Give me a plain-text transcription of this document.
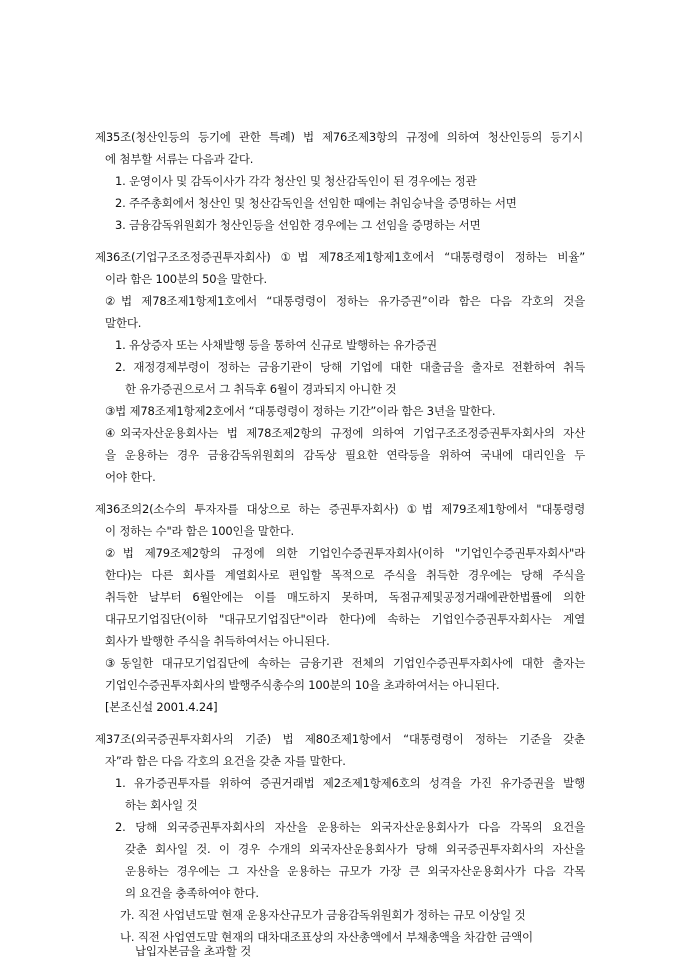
제35조(청산인등의 등기에 관한 특례) 법 제76조제3항의 규정에 의하여 청산인등의 등기시
에 첨부할 서류는 다음과 같다.
1. 운영이사 및 감독이사가 각각 청산인 및 청산감독인이 된 경우에는 정관
2. 주주총회에서 청산인 및 청산감독인을 선임한 때에는 취임승낙을 증명하는 서면
3. 금융감독위원회가 청산인등을 선임한 경우에는 그 선임을 증명하는 서면
제36조(기업구조조정증권투자회사) ①법 제78조제1항제1호에서 “대통령령이 정하는 비율”
이라 함은 100분의 50을 말한다.
②법 제78조제1항제1호에서 “대통령령이 정하는 유가증권”이라 함은 다음 각호의 것을
말한다.
1. 유상증자 또는 사채발행 등을 통하여 신규로 발행하는 유가증권
2. 재정경제부령이 정하는 금융기관이 당해 기업에 대한 대출금을 출자로 전환하여 취득
한 유가증권으로서 그 취득후 6월이 경과되지 아니한 것
③법 제78조제1항제2호에서 “대통령령이 정하는 기간”이라 함은 3년을 말한다.
④외국자산운용회사는 법 제78조제2항의 규정에 의하여 기업구조조정증권투자회사의 자산
을 운용하는 경우 금융감독위원회의 감독상 필요한 연락등을 위하여 국내에 대리인을 두
어야 한다.
제36조의2(소수의 투자자를 대상으로 하는 증권투자회사) ①법 제79조제1항에서 "대통령령
이 정하는 수"라 함은 100인을 말한다.
②법 제79조제2항의 규정에 의한 기업인수증권투자회사(이하 "기업인수증권투자회사"라
한다)는 다른 회사를 계열회사로 편입할 목적으로 주식을 취득한 경우에는 당해 주식을
취득한 날부터 6월안에는 이를 매도하지 못하며, 독점규제및공정거래에관한법률에 의한
대규모기업집단(이하 "대규모기업집단"이라 한다)에 속하는 기업인수증권투자회사는 계열
회사가 발행한 주식을 취득하여서는 아니된다.
③동일한 대규모기업집단에 속하는 금융기관 전체의 기업인수증권투자회사에 대한 출자는
기업인수증권투자회사의 발행주식총수의 100분의 10을 초과하여서는 아니된다.
[본조신설 2001.4.24]
제37조(외국증권투자회사의 기준) 법 제80조제1항에서 “대통령령이 정하는 기준을 갖춘
자”라 함은 다음 각호의 요건을 갖춘 자를 말한다.
1. 유가증권투자를 위하여 증권거래법 제2조제1항제6호의 성격을 가진 유가증권을 발행
하는 회사일 것
2. 당해 외국증권투자회사의 자산을 운용하는 외국자산운용회사가 다음 각목의 요건을
갖춘 회사일 것. 이 경우 수개의 외국자산운용회사가 당해 외국증권투자회사의 자산을
운용하는 경우에는 그 자산을 운용하는 규모가 가장 큰 외국자산운용회사가 다음 각목
의 요건을 충족하여야 한다.
가. 직전 사업년도말 현재 운용자산규모가 금융감독위원회가 정하는 규모 이상일 것
나. 직전 사업연도말 현재의 대차대조표상의 자산총액에서 부채총액을 차감한 금액이
납입자본금을 초과할 것
